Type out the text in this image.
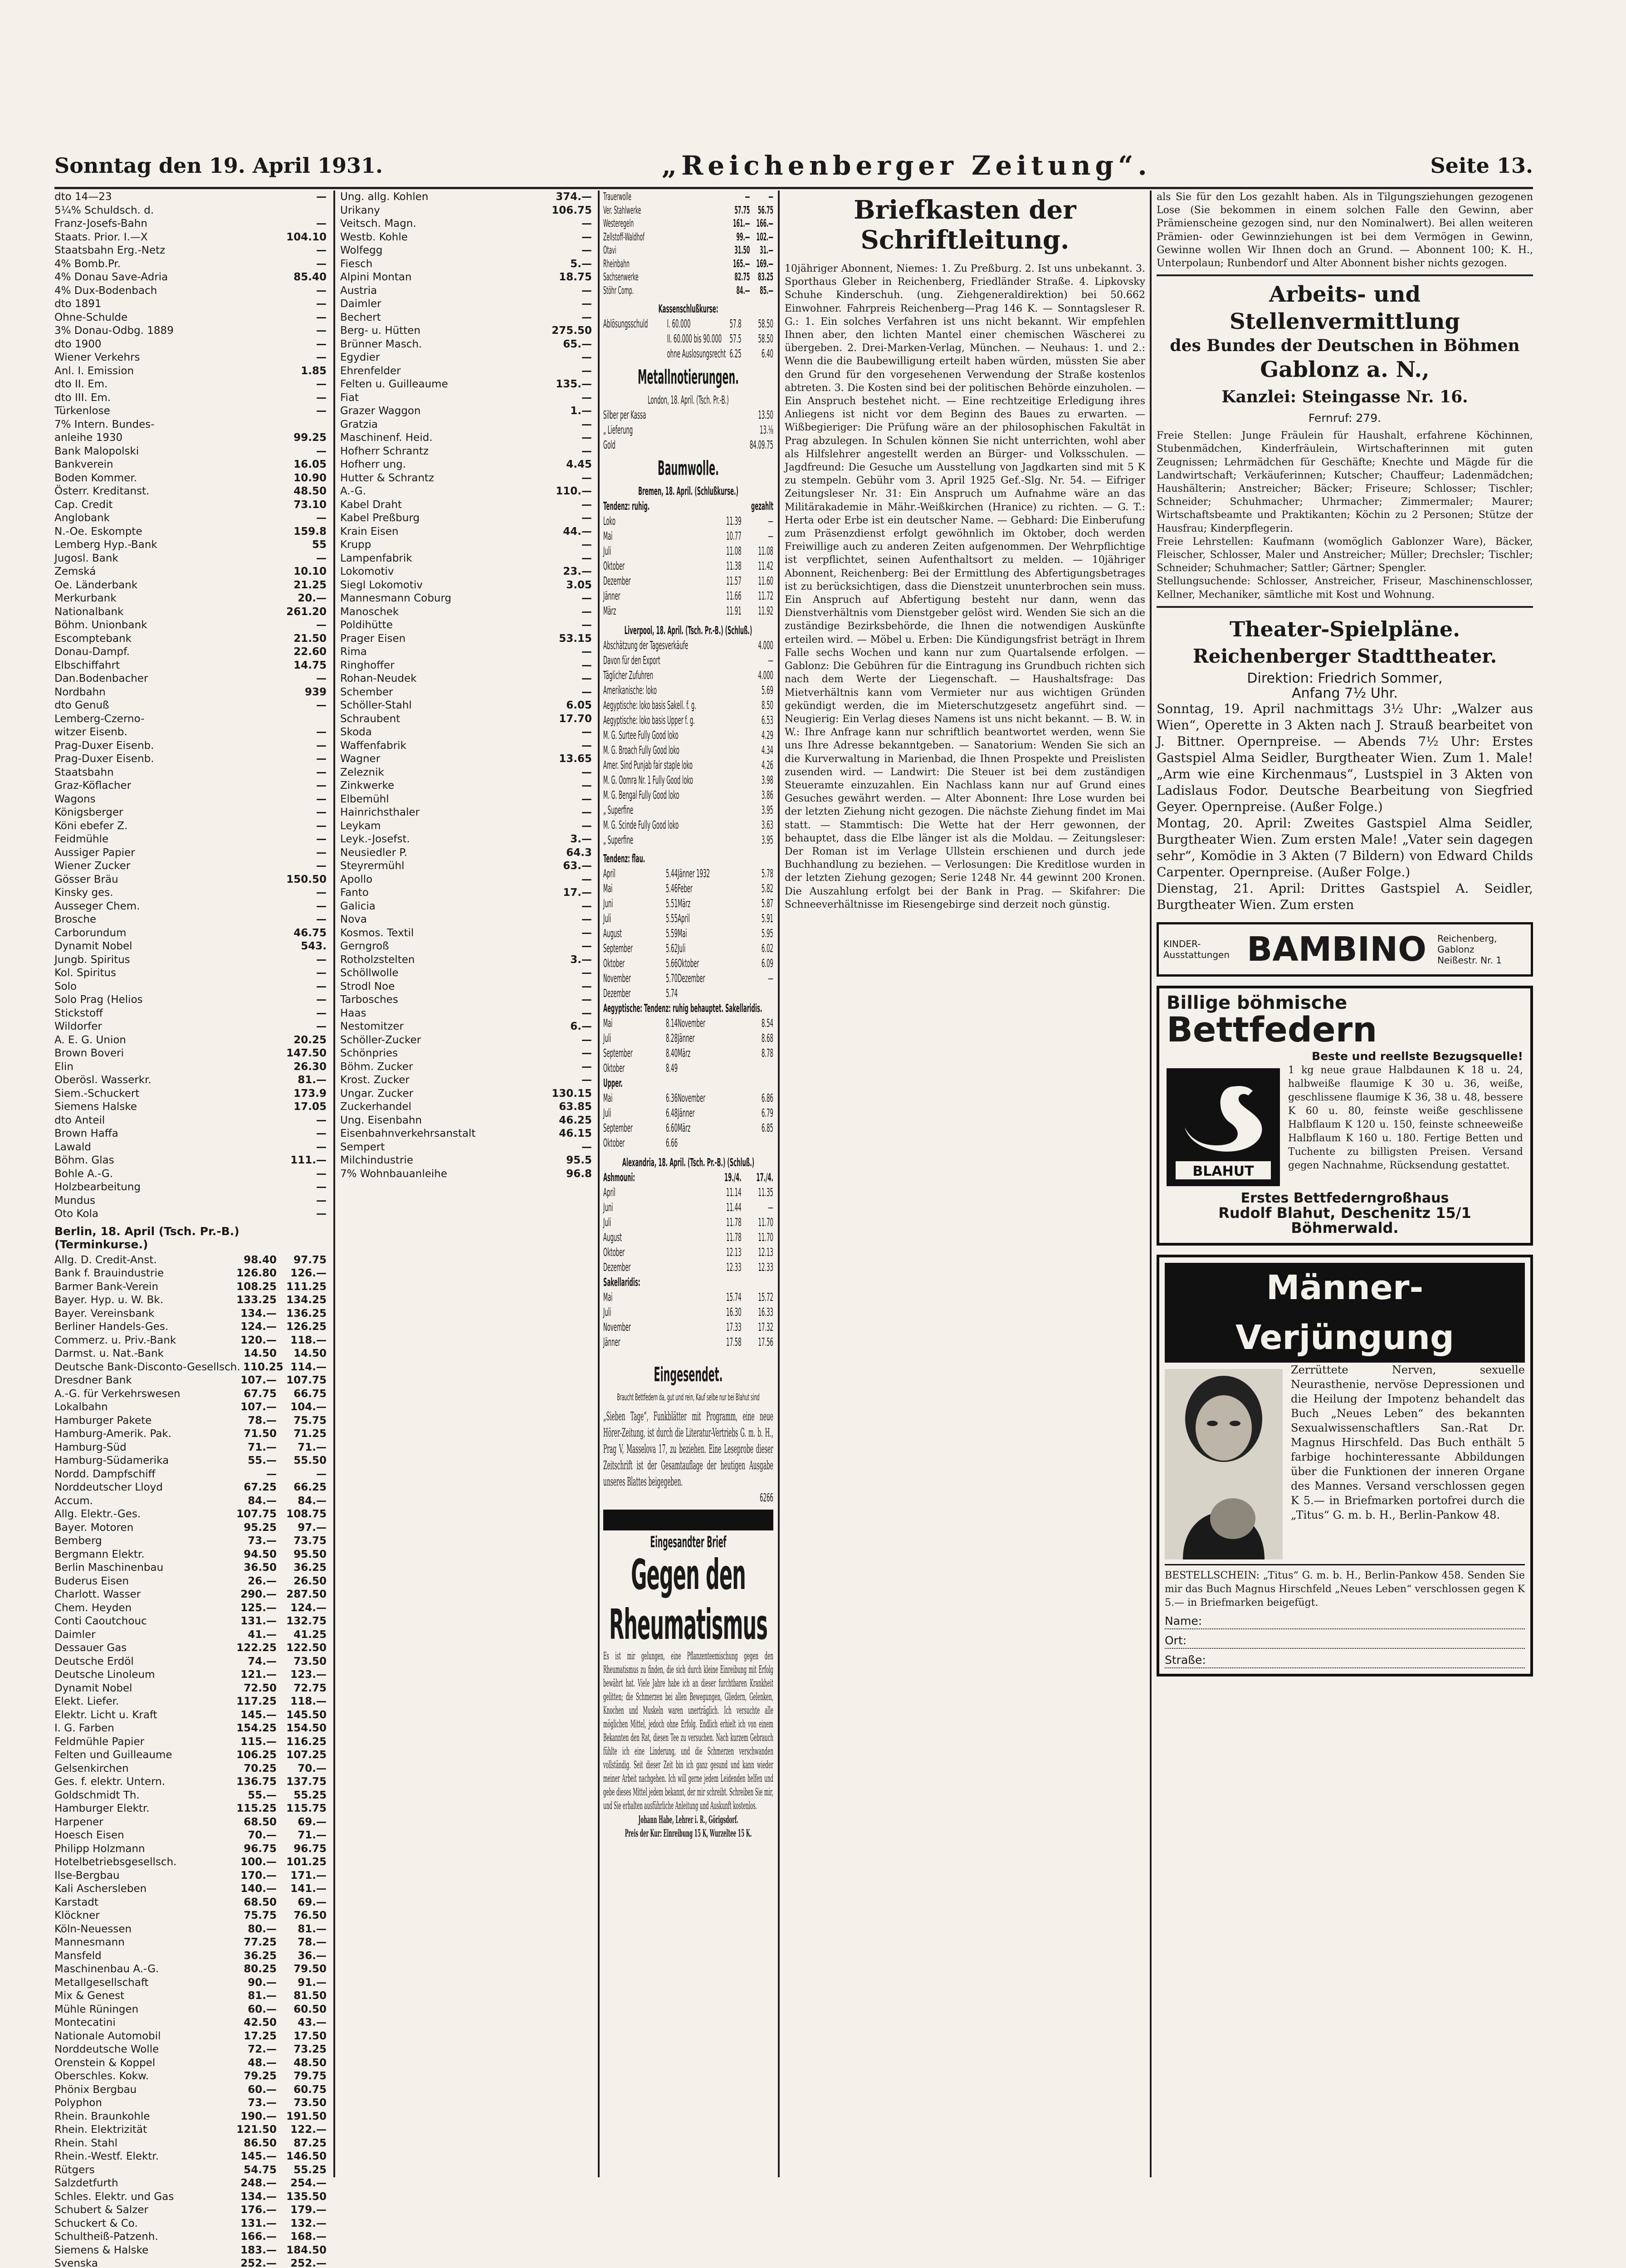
Sonntag den 19. April 1931.	„Reichenberger Zeitung“.	Seite 13.
dto 14—23	—
5¼% Schuldsch. d.
Franz-Josefs-Bahn	—
Staats. Prior. I.—X	104.10
Staatsbahn Erg.-Netz	—
4% Bomb.Pr.	—
4% Donau Save-Adria	85.40
4% Dux-Bodenbach	—
dto 1891	—
Ohne-Schulde	—
3% Donau-Odbg. 1889	—
dto 1900	—
Wiener Verkehrs	—
Anl. I. Emission	1.85
dto II. Em.	—
dto III. Em.	—
Türkenlose	—
7% Intern. Bundes-
anleihe 1930	99.25
Bank Malopolski	—
Bankverein	16.05
Boden Kommer.	10.90
Österr. Kreditanst.	48.50
Cap. Credit	73.10
Anglobank	—
N.-Oe. Eskompte	159.8
Lemberg Hyp.-Bank	55
Jugosl. Bank	—
Zemská	10.10
Oe. Länderbank	21.25
Merkurbank	20.—
Nationalbank	261.20
Böhm. Unionbank	—
Escomptebank	21.50
Donau-Dampf.	22.60
Elbschiffahrt	14.75
Dan.Bodenbacher	—
Nordbahn	939
dto Genuß	—
Lemberg-Czerno-
witzer Eisenb.	—
Prag-Duxer Eisenb.	—
Prag-Duxer Eisenb.	—
Staatsbahn	—
Graz-Köflacher	—
Wagons	—
Königsberger	—
Köni ebefer Z.	—
Feidmühle	—
Aussiger Papier	—
Wiener Zucker	—
Gösser Bräu	150.50
Kinsky ges.	—
Ausseger Chem.	—
Brosche	—
Carborundum	46.75
Dynamit Nobel	543.
Jungb. Spiritus	—
Kol. Spiritus	—
Solo	—
Solo Prag (Helios	—
Stickstoff	—
Wildorfer	—
A. E. G. Union	20.25
Brown Boveri	147.50
Elin	26.30
Oberösl. Wasserkr.	81.—
Siem.-Schuckert	173.9
Siemens Halske	17.05
dto Anteil	—
Brown Haffa	—
Lawald	—
Böhm. Glas	111.—
Bohle A.-G.	—
Holzbearbeitung	—
Mundus	—
Oto Kola	—
Berlin, 18. April (Tsch. Pr.-B.) (Terminkurse.)
Allg. D. Credit-Anst.	98.40	97.75
Bank f. Brauindustrie	126.80	126.—
Barmer Bank-Verein	108.25 111.25
Bayer. Hyp. u. W. Bk.	133.25 134.25
Bayer. Vereinsbank	134.— 136.25
Berliner Handels-Ges.	124.— 126.25
Commerz. u. Priv.-Bank	120.—	118.—
Darmst. u. Nat.-Bank	14.50	14.50
Deutsche Bank-Disconto-Gesellsch. 110.25 114.—
Dresdner Bank	107.— 107.75
A.-G. für Verkehrswesen	67.75	66.75
Lokalbahn	107.—	104.—
Hamburger Pakete	78.—	75.75
Hamburg-Amerik. Pak.	71.50	71.25
Hamburg-Süd	71.—	71.—
Hamburg-Südamerika	55.—	55.50
Nordd. Dampfschiff	—	—
Norddeutscher Lloyd	67.25	66.25
Accum.	84.—	84.—
Allg. Elektr.-Ges.	107.75 108.75
Bayer. Motoren	95.25	97.—
Bemberg	73.—	73.75
Bergmann Elektr.	94.50	95.50
Berlin Maschinenbau	36.50	36.25
Buderus Eisen	26.—	26.50
Charlott. Wasser	290.— 287.50
Chem. Heyden	125.—	124.—
Conti Caoutchouc	131.— 132.75
Daimler	41.—	41.25
Dessauer Gas	122.25 122.50
Deutsche Erdöl	74.—	73.50
Deutsche Linoleum	121.—	123.—
Dynamit Nobel	72.50	72.75
Elekt. Liefer.	117.25	118.—
Elektr. Licht u. Kraft	145.— 145.50
I. G. Farben	154.25 154.50
Feldmühle Papier	115.— 116.25
Felten und Guilleaume	106.25 107.25
Gelsenkirchen	70.25	70.—
Ges. f. elektr. Untern.	136.75 137.75
Goldschmidt Th.	55.—	55.25
Hamburger Elektr.	115.25 115.75
Harpener	68.50	69.—
Hoesch Eisen	70.—	71.—
Philipp Holzmann	96.75	96.75
Hotelbetriebsgesellsch.	100.— 101.25
Ilse-Bergbau	170.—	171.—
Kali Aschersleben	140.—	141.—
Karstadt	68.50	69.—
Klöckner	75.75	76.50
Köln-Neuessen	80.—	81.—
Mannesmann	77.25	78.—
Mansfeld	36.25	36.—
Maschinenbau A.-G.	80.25	79.50
Metallgesellschaft	90.—	91.—
Mix & Genest	81.—	81.50
Mühle Rüningen	60.—	60.50
Montecatini	42.50	43.—
Nationale Automobil	17.25	17.50
Norddeutsche Wolle	72.—	73.25
Orenstein & Koppel	48.—	48.50
Oberschles. Kokw.	79.25	79.75
Phönix Bergbau	60.—	60.75
Polyphon	73.—	73.50
Rhein. Braunkohle	190.— 191.50
Rhein. Elektrizität	121.50	122.—
Rhein. Stahl	86.50	87.25
Rhein.-Westf. Elektr.	145.— 146.50
Rütgers	54.75	55.25
Salzdetfurth	248.—	254.—
Schles. Elektr. und Gas	134.— 135.50
Schubert & Salzer	176.—	179.—
Schuckert & Co.	131.—	132.—
Schultheiß-Patzenh.	166.—	168.—
Siemens & Halske	183.— 184.50
Svenska	252.—	252.—
Ung. allg. Kohlen	374.—
Urikany	106.75
Veitsch. Magn.	—
Westb. Kohle	—
Wolfegg	—
Fiesch	5.—
Alpini Montan	18.75
Austria	—
Daimler	—
Bechert	—
Berg- u. Hütten	275.50
Brünner Masch.	65.—
Egydier	—
Ehrenfelder	—
Felten u. Guilleaume	135.—
Fiat	—
Grazer Waggon	1.—
Gratzia	—
Maschinenf. Heid.	—
Hofherr Schrantz	—
Hofherr ung.	4.45
Hutter & Schrantz	—
A.-G.	110.—
Kabel Draht	—
Kabel Preßburg	—
Krain Eisen	44.—
Krupp	—
Lampenfabrik	—
Lokomotiv	23.—
Siegl Lokomotiv	3.05
Mannesmann Coburg	—
Manoschek	—
Poldihütte	—
Prager Eisen	53.15
Rima	—
Ringhoffer	—
Rohan-Neudek	—
Schember	—
Schöller-Stahl	6.05
Schraubent	17.70
Skoda	—
Waffenfabrik	—
Wagner	13.65
Zeleznik	—
Zinkwerke	—
Elbemühl	—
Hainrichsthaler	—
Leykam	—
Leyk.-Josefst.	3.—
Neusiedler P.	64.3
Steyrermühl	63.—
Apollo	—
Fanto	17.—
Galicia	—
Nova	—
Kosmos. Textil	—
Gerngroß	—
Rotholzstelten	3.—
Schöllwolle	—
Strodl Noe	—
Tarbosches	—
Haas	—
Nestomitzer	6.—
Schöller-Zucker	—
Schönpries	—
Böhm. Zucker	—
Krost. Zucker	—
Ungar. Zucker	130.15
Zuckerhandel	63.85
Ung. Eisenbahn	46.25
Eisenbahnverkehrsanstalt	46.15
Sempert	—
Milchindustrie	95.5
7% Wohnbauanleihe	96.8
Briefkasten der Schriftleitung.
10jähriger Abonnent, Niemes: 1. Zu Preßburg. 2. Ist uns unbekannt. 3. Sporthaus Gleber in Reichenberg, Friedländer Straße. 4. Lipkovsky Schuhe Kinderschuh. (ung. Ziehgeneraldirektion) bei 50.662 Einwohner. Fahrpreis Reichenberg—Prag 146 K. — Sonntagsleser R. G.: 1. Ein solches Verfahren ist uns nicht bekannt. Wir empfehlen Ihnen aber, den lichten Mantel einer chemischen Wäscherei zu übergeben. 2. Drei-Marken-Verlag, München. — Neuhaus: 1. und 2.: Wenn die die Baubewilligung erteilt haben würden, müssten Sie aber den Grund für den vorgesehenen Verwendung der Straße kostenlos abtreten. 3. Die Kosten sind bei der politischen Behörde einzuholen. — Ein Anspruch bestehet nicht. — Eine rechtzeitige Erledigung ihres Anliegens ist nicht vor dem Beginn des Baues zu erwarten. — Wißbegieriger: Die Prüfung wäre an der philosophischen Fakultät in Prag abzulegen. In Schulen können Sie nicht unterrichten, wohl aber als Hilfslehrer angestellt werden an Bürger- und Volksschulen. — Jagdfreund: Die Gesuche um Ausstellung von Jagdkarten sind mit 5 K zu stempeln. Gebühr vom 3. April 1925 Gef.-Slg. Nr. 54. — Eifriger Zeitungsleser Nr. 31: Ein Anspruch um Aufnahme wäre an das Militärakademie in Mähr.-Weißkirchen (Hranice) zu richten. — G. T.: Herta oder Erbe ist ein deutscher Name. — Gebhard: Die Einberufung zum Präsenzdienst erfolgt gewöhnlich im Oktober, doch werden Freiwillige auch zu anderen Zeiten aufgenommen. Der Wehrpflichtige ist verpflichtet, seinen Aufenthaltsort zu melden. — 10jähriger Abonnent, Reichenberg: Bei der Ermittlung des Abfertigungsbetrages ist zu berücksichtigen, dass die Dienstzeit ununterbrochen sein muss. Ein Anspruch auf Abfertigung besteht nur dann, wenn das Dienstverhältnis vom Dienstgeber gelöst wird. Wenden Sie sich an die zuständige Bezirksbehörde, die Ihnen die notwendigen Auskünfte erteilen wird. — Möbel u. Erben: Die Kündigungsfrist beträgt in Ihrem Falle sechs Wochen und kann nur zum Quartalsende erfolgen. — Gablonz: Die Gebühren für die Eintragung ins Grundbuch richten sich nach dem Werte der Liegenschaft. — Haushaltsfrage: Das Mietverhältnis kann vom Vermieter nur aus wichtigen Gründen gekündigt werden, die im Mieterschutzgesetz angeführt sind. — Neugierig: Ein Verlag dieses Namens ist uns nicht bekannt. — B. W. in W.: Ihre Anfrage kann nur schriftlich beantwortet werden, wenn Sie uns Ihre Adresse bekanntgeben. — Sanatorium: Wenden Sie sich an die Kurverwaltung in Marienbad, die Ihnen Prospekte und Preislisten zusenden wird. — Landwirt: Die Steuer ist bei dem zuständigen Steueramte einzuzahlen. Ein Nachlass kann nur auf Grund eines Gesuches gewährt werden. — Alter Abonnent: Ihre Lose wurden bei der letzten Ziehung nicht gezogen. Die nächste Ziehung findet im Mai statt. — Stammtisch: Die Wette hat der Herr gewonnen, der behauptet, dass die Elbe länger ist als die Moldau. — Zeitungsleser: Der Roman ist im Verlage Ullstein erschienen und durch jede Buchhandlung zu beziehen. — Verlosungen: Die Kreditlose wurden in der letzten Ziehung gezogen; Serie 1248 Nr. 44 gewinnt 200 Kronen. Die Auszahlung erfolgt bei der Bank in Prag. — Skifahrer: Die Schneeverhältnisse im Riesengebirge sind derzeit noch günstig.
als Sie für den Los gezahlt haben. Als in Tilgungsziehungen gezogenen Lose (Sie bekommen in einem solchen Falle den Gewinn, aber Prämienscheine gezogen sind, nur den Nominalwert). Bei allen weiteren Prämien- oder Gewinnziehungen ist bei dem Vermögen in Gewinn, Gewinne wollen Wir Ihnen doch an Grund. — Abonnent 100; K. H., Unterpolaun; Runbendorf und Alter Abonnent bisher nichts gezogen.
Arbeits- und Stellenvermittlung
des Bundes der Deutschen in Böhmen
Gablonz a. N.,
Kanzlei: Steingasse Nr. 16.
Fernruf: 279.
Freie Stellen: Junge Fräulein für Haushalt, erfahrene Köchinnen, Stubenmädchen, Kinderfräulein, Wirtschafterinnen mit guten Zeugnissen; Lehrmädchen für Geschäfte; Knechte und Mägde für die Landwirtschaft; Verkäuferinnen; Kutscher; Chauffeur; Ladenmädchen; Haushälterin; Anstreicher; Bäcker; Friseure; Schlosser; Tischler; Schneider; Schuhmacher; Uhrmacher; Zimmermaler; Maurer; Wirtschaftsbeamte und Praktikanten; Köchin zu 2 Personen; Stütze der Hausfrau; Kinderpflegerin.
Freie Lehrstellen: Kaufmann (womöglich Gablonzer Ware), Bäcker, Fleischer, Schlosser, Maler und Anstreicher; Müller; Drechsler; Tischler; Schneider; Schuhmacher; Sattler; Gärtner; Spengler.
Stellungsuchende: Schlosser, Anstreicher, Friseur, Maschinenschlosser, Kellner, Mechaniker, sämtliche mit Kost und Wohnung.
Theater-Spielpläne.
Reichenberger Stadttheater.
Direktion: Friedrich Sommer,
Anfang 7½ Uhr.
Sonntag, 19. April nachmittags 3½ Uhr: „Walzer aus Wien“, Operette in 3 Akten nach J. Strauß bearbeitet von J. Bittner. Opernpreise. — Abends 7½ Uhr: Erstes Gastspiel Alma Seidler, Burgtheater Wien. Zum 1. Male! „Arm wie eine Kirchenmaus“, Lustspiel in 3 Akten von Ladislaus Fodor. Deutsche Bearbeitung von Siegfried Geyer. Opernpreise. (Außer Folge.)
Montag, 20. April: Zweites Gastspiel Alma Seidler, Burgtheater Wien. Zum ersten Male! „Vater sein dagegen sehr“, Komödie in 3 Akten (7 Bildern) von Edward Childs Carpenter. Opernpreise. (Außer Folge.)
Dienstag, 21. April: Drittes Gastspiel A. Seidler, Burgtheater Wien. Zum ersten
KINDER-Ausstattungen BAMBINO	Reichenberg, Gablonz Neißestr. Nr. 1
Billige böhmische
Bettfedern
Beste und reellste Bezugsquelle!
BLAHUT
1 kg neue graue Halbdaunen K 18 u. 24, halbweiße flaumige K 30 u. 36, weiße, geschlissene flaumige K 36, 38 u. 48, bessere K 60 u. 80, feinste weiße geschlissene Halbflaum K 120 u. 150, feinste schneeweiße Halbflaum K 160 u. 180. Fertige Betten und Tuchente zu billigsten Preisen. Versand gegen Nachnahme, Rücksendung gestattet.
Erstes Bettfederngroßhaus
Rudolf Blahut, Deschenitz 15/1 Böhmerwald.
Männer-Verjüngung
Zerrüttete Nerven, sexuelle Neurasthenie, nervöse Depressionen und die Heilung der Impotenz behandelt das Buch „Neues Leben“ des bekannten Sexualwissenschaftlers San.-Rat Dr. Magnus Hirschfeld. Das Buch enthält 5 farbige hochinteressante Abbildungen über die Funktionen der inneren Organe des Mannes. Versand verschlossen gegen K 5.— in Briefmarken portofrei durch die „Titus“ G. m. b. H., Berlin-Pankow 48.
BESTELLSCHEIN: „Titus“ G. m. b. H., Berlin-Pankow 458. Senden Sie mir das Buch Magnus Hirschfeld „Neues Leben“ verschlossen gegen K 5.— in Briefmarken beigefügt.
Name:
Ort:
Straße:
Trauerwolle	—	—
Ver. Stahlwerke	57.75 56.75
Westeregeln	161.— 166.—
Zellstoff-Waldhof	99.— 102.—
Otavi	31.50 31.—
Rheinbahn	165.— 169.—
Sachsenwerke	82.75 83.25
Stöhr Comp.	84.— 85.—
Kassenschlußkurse:
Ablösungsschuld	I. 60.000	57.8	58.50
II. 60.000 bis 90.000 57.5	58.50
ohne Auslosungsrecht 6.25	6.40
Metallnotierungen.
London, 18. April. (Tsch. Pr.-B.)
Silber per Kassa	13.50
„ Lieferung	13.⅛
Gold	84.09.75
Baumwolle.
Bremen, 18. April. (Schlußkurse.)
Tendenz: ruhig.	gezahlt
Loko	11.39	—
Mai	10.77	—
Juli	11.08	11.08
Oktober	11.38	11.42
Dezember	11.57	11.60
Jänner	11.66	11.72
März	11.91	11.92
Liverpool, 18. April. (Tsch. Pr.-B.) (Schluß.)
Abschätzung der Tagesverkäufe	4.000
Davon für den Export	—
Täglicher Zufuhren	4.000
Amerikanische: loko	5.69
Aegyptische: loko basis Sakell. f. g.	8.50
Aegyptische: loko basis Upper f. g.	6.53
M. G. Surtee Fully Good loko	4.29
M. G. Broach Fully Good loko	4.34
Amer. Sind Punjab fair staple loko	4.26
M. G. Oomra Nr. 1 Fully Good loko	3.98
M. G. Bengal Fully Good loko	3.86
„ Superfine	3.95
M. G. Scinde Fully Good loko	3.63
„ Superfine	3.95
Tendenz: flau.
April	5.44 Jänner 1932	5.78
Mai	5.46 Feber	5.82
Juni	5.51 März	5.87
Juli	5.55 April	5.91
August	5.59 Mai	5.95
September	5.62 Juli	6.02
Oktober	5.66 Oktober	6.09
November	5.70 Dezember	—
Dezember	5.74
Aegyptische: Tendenz: ruhig behauptet. Sakellaridis.
Mai	8.14 November	8.54
Juli	8.28 Jänner	8.68
September	8.40 März	8.78
Oktober	8.49
Upper.
Mai	6.36 November	6.86
Juli	6.48 Jänner	6.79
September	6.60 März	6.85
Oktober	6.66
Alexandria, 18. April. (Tsch. Pr.-B.) (Schluß.)
Ashmouni:	19./4.	17./4.
April	11.14	11.35
Juni	11.44	—
Juli	11.78	11.70
August	11.78	11.70
Oktober	12.13	12.13
Dezember	12.33	12.33
Sakellaridis:
Mai	15.74	15.72
Juli	16.30	16.33
November	17.33	17.32
Jänner	17.58	17.56
Eingesendet.
Braucht Bettfedern da, gut und rein, Kauf selbe nur bei Blahut sind
„Sieben Tage“, Funkblätter mit Programm, eine neue Hörer-Zeitung, ist durch die Literatur-Vertriebs G. m. b. H., Prag V, Masselova 17, zu beziehen. Eine Leseprobe dieser Zeitschrift ist der Gesamtauflage der heutigen Ausgabe unseres Blattes beigegeben.
6266
Eingesandter Brief
Gegen den Rheumatismus
Es ist mir gelungen, eine Pflanzenteemischung gegen den Rheumatismus zu finden, die sich durch kleine Einreibung mit Erfolg bewährt hat. Viele Jahre habe ich an dieser furchtbaren Krankheit gelitten; die Schmerzen bei allen Bewegungen, Gliedern, Gelenken, Knochen und Muskeln waren unerträglich. Ich versuchte alle möglichen Mittel, jedoch ohne Erfolg. Endlich erhielt ich von einem Bekannten den Rat, diesen Tee zu versuchen. Nach kurzem Gebrauch fühlte ich eine Linderung, und die Schmerzen verschwanden vollständig. Seit dieser Zeit bin ich ganz gesund und kann wieder meiner Arbeit nachgehen. Ich will gerne jedem Leidenden helfen und gebe dieses Mittel jedem bekannt, der mir schreibt. Schreiben Sie mir, und Sie erhalten ausführliche Anleitung und Auskunft kostenlos.
Johann Habe, Lehrer i. R., Görigsdorf.
Preis der Kur: Einreibung 15 K, Wurzeltee 15 K.
